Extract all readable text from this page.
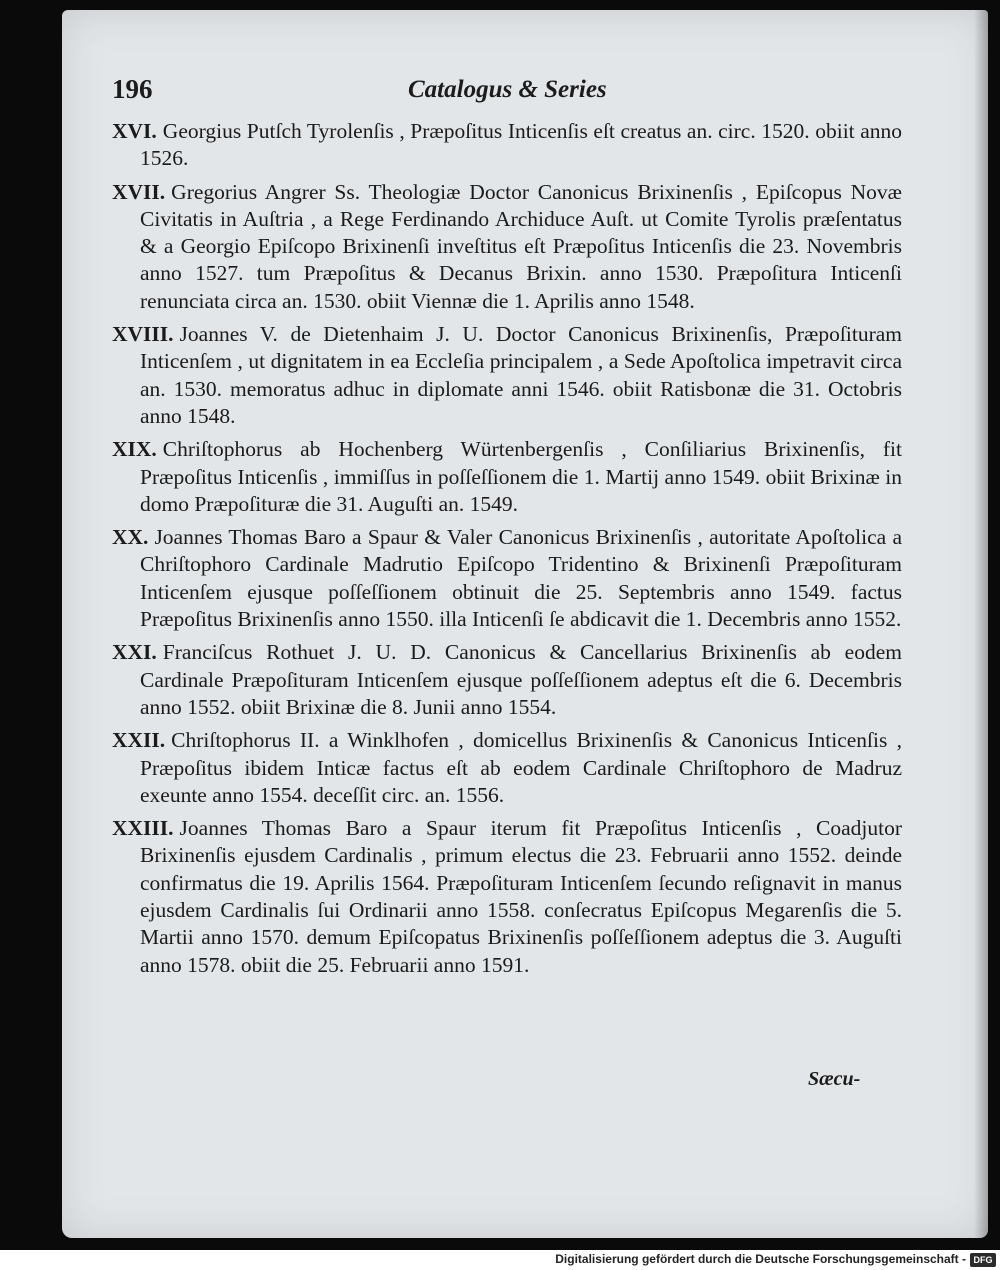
196	Catalogus & Series

XVI. Georgius Putſch Tyrolenſis , Præpoſitus Inticenſis eſt creatus an. circ. 1520. obiit anno 1526.

XVII. Gregorius Angrer Ss. Theologiæ Doctor Canonicus Brixinenſis , Epiſcopus Novæ Civitatis in Auſtria , a Rege Ferdinando Archiduce Auſt. ut Comite Tyrolis præſentatus & a Georgio Epiſcopo Brixinenſi inveſtitus eſt Præpoſitus Inticenſis die 23. Novembris anno 1527. tum Præpoſitus & Decanus Brixin. anno 1530. Præpoſitura Inticenſi renunciata circa an. 1530. obiit Viennæ die 1. Aprilis anno 1548.

XVIII. Joannes V. de Dietenhaim J. U. Doctor Canonicus Brixinenſis, Præpoſituram Inticenſem , ut dignitatem in ea Eccleſia principalem , a Sede Apoſtolica impetravit circa an. 1530. memoratus adhuc in diplomate anni 1546. obiit Ratisbonæ die 31. Octobris anno 1548.

XIX. Chriſtophorus ab Hochenberg Würtenbergenſis , Conſiliarius Brixinenſis, fit Præpoſitus Inticenſis , immiſſus in poſſeſſionem die 1. Martij anno 1549. obiit Brixinæ in domo Præpoſituræ die 31. Auguſti an. 1549.

XX. Joannes Thomas Baro a Spaur & Valer Canonicus Brixinenſis , autoritate Apoſtolica a Chriſtophoro Cardinale Madrutio Epiſcopo Tridentino & Brixinenſi Præpoſituram Inticenſem ejusque poſſeſſionem obtinuit die 25. Septembris anno 1549. factus Præpoſitus Brixinenſis anno 1550. illa Inticenſi ſe abdicavit die 1. Decembris anno 1552.

XXI. Franciſcus Rothuet J. U. D. Canonicus & Cancellarius Brixinenſis ab eodem Cardinale Præpoſituram Inticenſem ejusque poſſeſſionem adeptus eſt die 6. Decembris anno 1552. obiit Brixinæ die 8. Junii anno 1554.

XXII. Chriſtophorus II. a Winklhofen , domicellus Brixinenſis & Canonicus Inticenſis , Præpoſitus ibidem Inticæ factus eſt ab eodem Cardinale Chriſtophoro de Madruz exeunte anno 1554. deceſſit circ. an. 1556.

XXIII. Joannes Thomas Baro a Spaur iterum fit Præpoſitus Inticenſis , Coadjutor Brixinenſis ejusdem Cardinalis , primum electus die 23. Februarii anno 1552. deinde confirmatus die 19. Aprilis 1564. Præpoſituram Inticenſem ſecundo reſignavit in manus ejusdem Cardinalis ſui Ordinarii anno 1558. conſecratus Epiſcopus Megarenſis die 5. Martii anno 1570. demum Epiſcopatus Brixinenſis poſſeſſionem adeptus die 3. Auguſti anno 1578. obiit die 25. Februarii anno 1591.

Sæcu-
Digitalisierung gefördert durch die Deutsche Forschungsgemeinschaft - DFG
